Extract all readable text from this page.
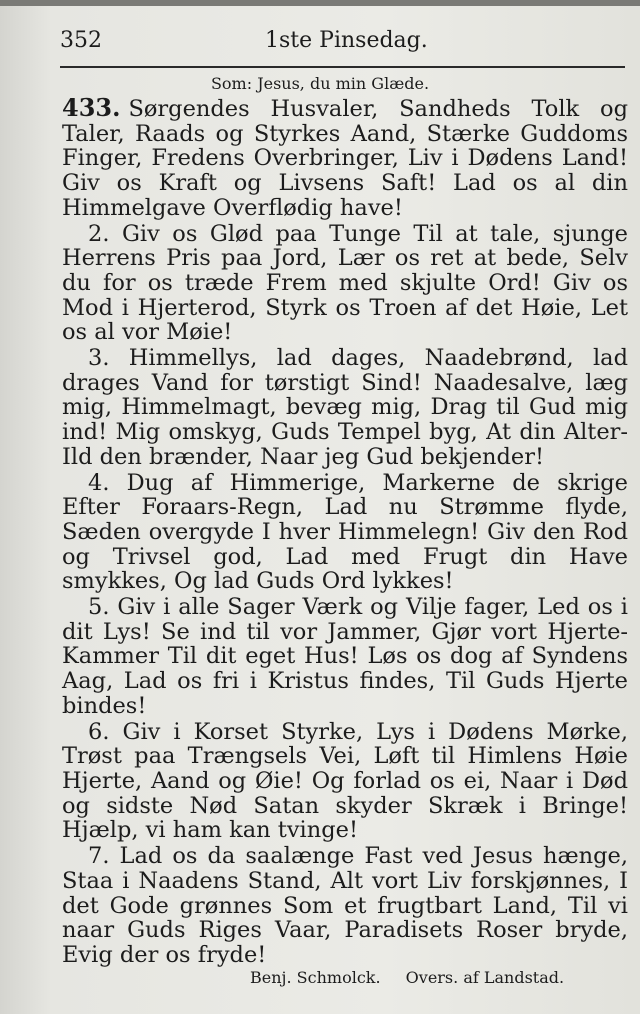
352	1ste Pinsedag.
Som: Jesus, du min Glæde.

433. Sørgendes Husvaler, Sandheds Tolk og Taler, Raads og Styrkes Aand, Stærke Guddoms Finger, Fredens Overbringer, Liv i Dødens Land! Giv os Kraft og Livsens Saft! Lad os al din Himmelgave Overflødig have!

2. Giv os Glød paa Tunge Til at tale, sjunge Herrens Pris paa Jord, Lær os ret at bede, Selv du for os træde Frem med skjulte Ord! Giv os Mod i Hjerterod, Styrk os Troen af det Høie, Let os al vor Møie!

3. Himmellys, lad dages, Naadebrønd, lad drages Vand for tørstigt Sind! Naadesalve, læg mig, Himmelmagt, bevæg mig, Drag til Gud mig ind! Mig omskyg, Guds Tempel byg, At din Alter-Ild den brænder, Naar jeg Gud bekjender!

4. Dug af Himmerige, Markerne de skrige Efter Foraars-Regn, Lad nu Strømme flyde, Sæden overgyde I hver Himmelegn! Giv den Rod og Trivsel god, Lad med Frugt din Have smykkes, Og lad Guds Ord lykkes!

5. Giv i alle Sager Værk og Vilje fager, Led os i dit Lys! Se ind til vor Jammer, Gjør vort Hjerte-Kammer Til dit eget Hus! Løs os dog af Syndens Aag, Lad os fri i Kristus findes, Til Guds Hjerte bindes!

6. Giv i Korset Styrke, Lys i Dødens Mørke, Trøst paa Trængsels Vei, Løft til Himlens Høie Hjerte, Aand og Øie! Og forlad os ei, Naar i Død og sidste Nød Satan skyder Skræk i Bringe! Hjælp, vi ham kan tvinge!

7. Lad os da saalænge Fast ved Jesus hænge, Staa i Naadens Stand, Alt vort Liv forskjønnes, I det Gode grønnes Som et frugtbart Land, Til vi naar Guds Riges Vaar, Paradisets Roser bryde, Evig der os fryde!

Benj. Schmolck. Overs. af Landstad.
